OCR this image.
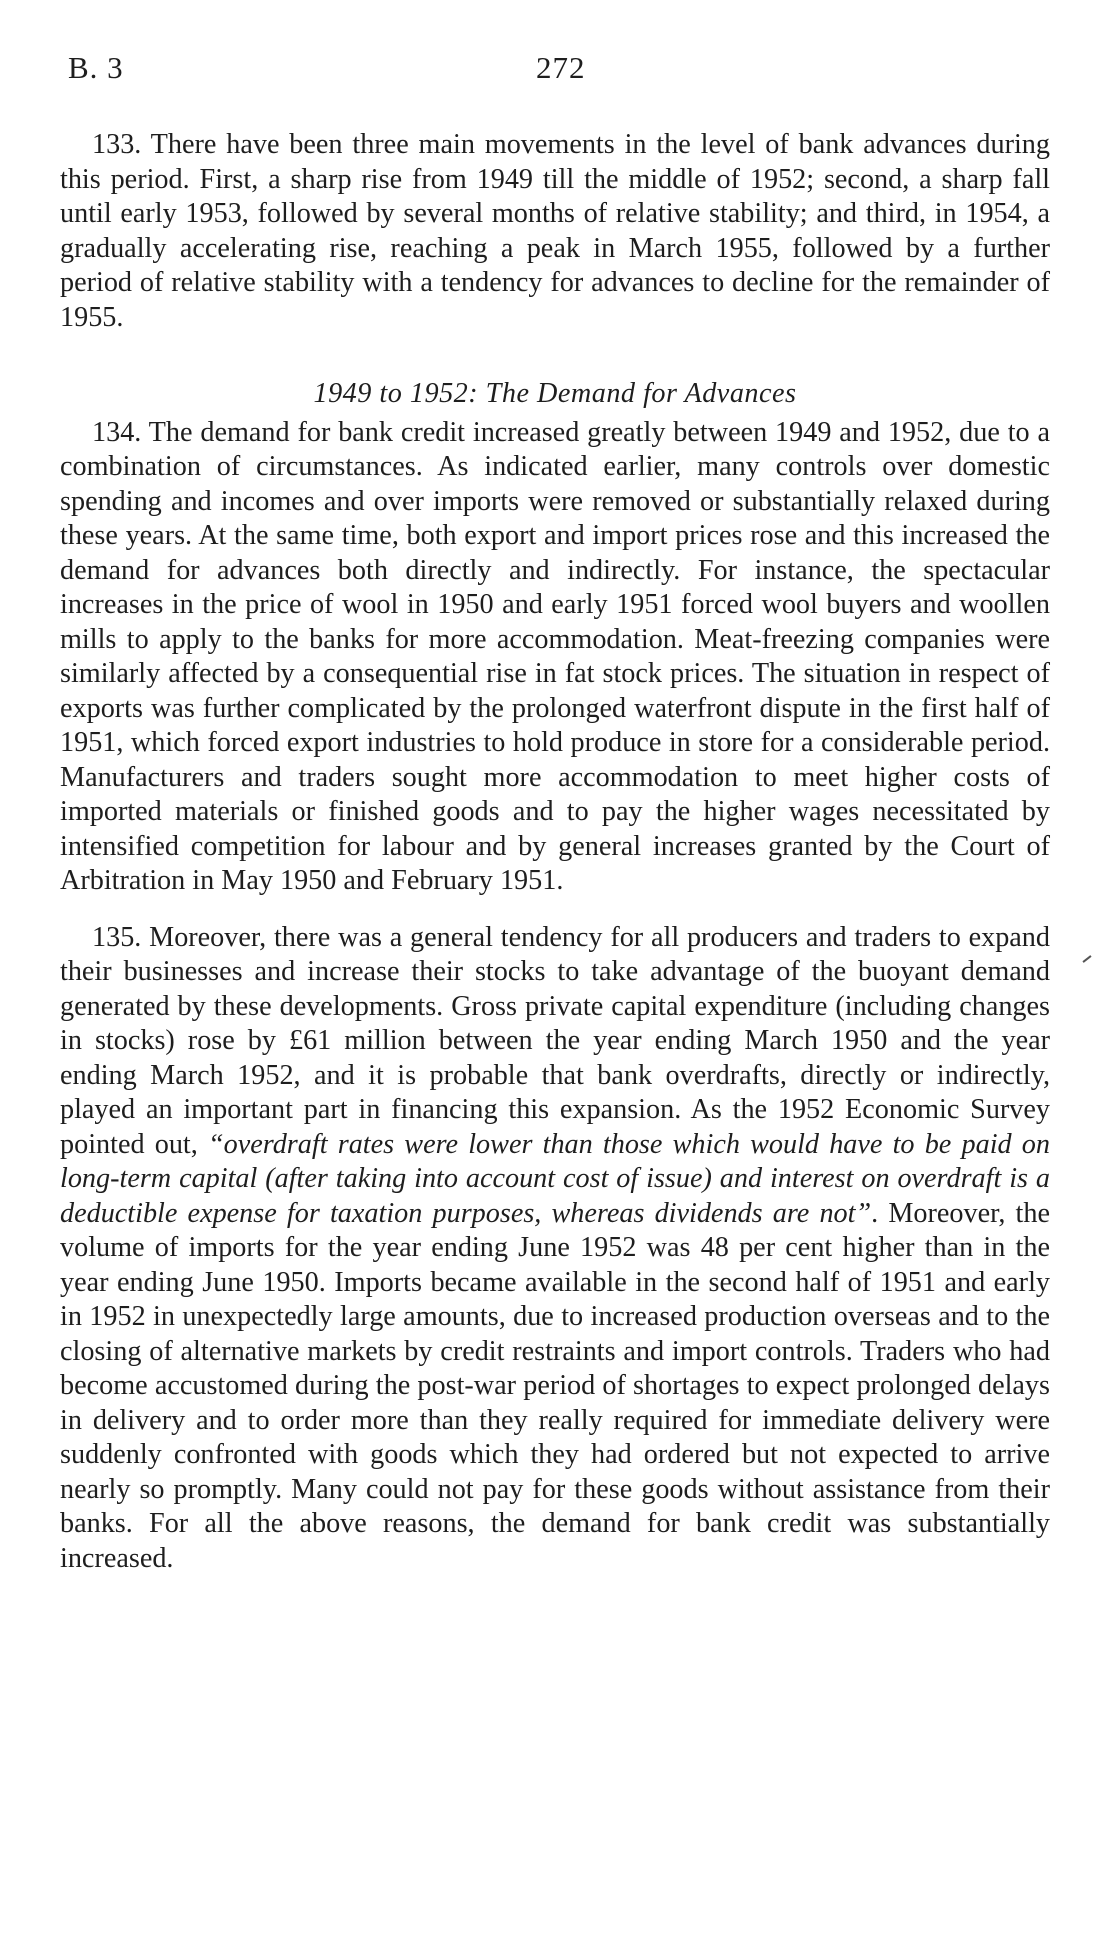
B. 3	272

133. There have been three main movements in the level of bank advances during this period. First, a sharp rise from 1949 till the middle of 1952; second, a sharp fall until early 1953, followed by several months of relative stability; and third, in 1954, a gradually accelerating rise, reaching a peak in March 1955, followed by a further period of relative stability with a tendency for advances to decline for the remainder of 1955.

1949 to 1952: The Demand for Advances

134. The demand for bank credit increased greatly between 1949 and 1952, due to a combination of circumstances. As indicated earlier, many controls over domestic spending and incomes and over imports were removed or substantially relaxed during these years. At the same time, both export and import prices rose and this increased the demand for advances both directly and indirectly. For instance, the spectacular increases in the price of wool in 1950 and early 1951 forced wool buyers and woollen mills to apply to the banks for more accommodation. Meat-freezing companies were similarly affected by a consequential rise in fat stock prices. The situation in respect of exports was further complicated by the prolonged waterfront dispute in the first half of 1951, which forced export industries to hold produce in store for a considerable period. Manufacturers and traders sought more accommodation to meet higher costs of imported materials or finished goods and to pay the higher wages necessitated by intensified competition for labour and by general increases granted by the Court of Arbitration in May 1950 and February 1951.

135. Moreover, there was a general tendency for all producers and traders to expand their businesses and increase their stocks to take advantage of the buoyant demand generated by these developments. Gross private capital expenditure (including changes in stocks) rose by £61 million between the year ending March 1950 and the year ending March 1952, and it is probable that bank overdrafts, directly or indirectly, played an important part in financing this expansion. As the 1952 Economic Survey pointed out, “overdraft rates were lower than those which would have to be paid on long-term capital (after taking into account cost of issue) and interest on overdraft is a deductible expense for taxation purposes, whereas dividends are not”. Moreover, the volume of imports for the year ending June 1952 was 48 per cent higher than in the year ending June 1950. Imports became available in the second half of 1951 and early in 1952 in unexpectedly large amounts, due to increased production overseas and to the closing of alternative markets by credit restraints and import controls. Traders who had become accustomed during the post-war period of shortages to expect prolonged delays in delivery and to order more than they really required for immediate delivery were suddenly confronted with goods which they had ordered but not expected to arrive nearly so promptly. Many could not pay for these goods without assistance from their banks. For all the above reasons, the demand for bank credit was substantially increased.
